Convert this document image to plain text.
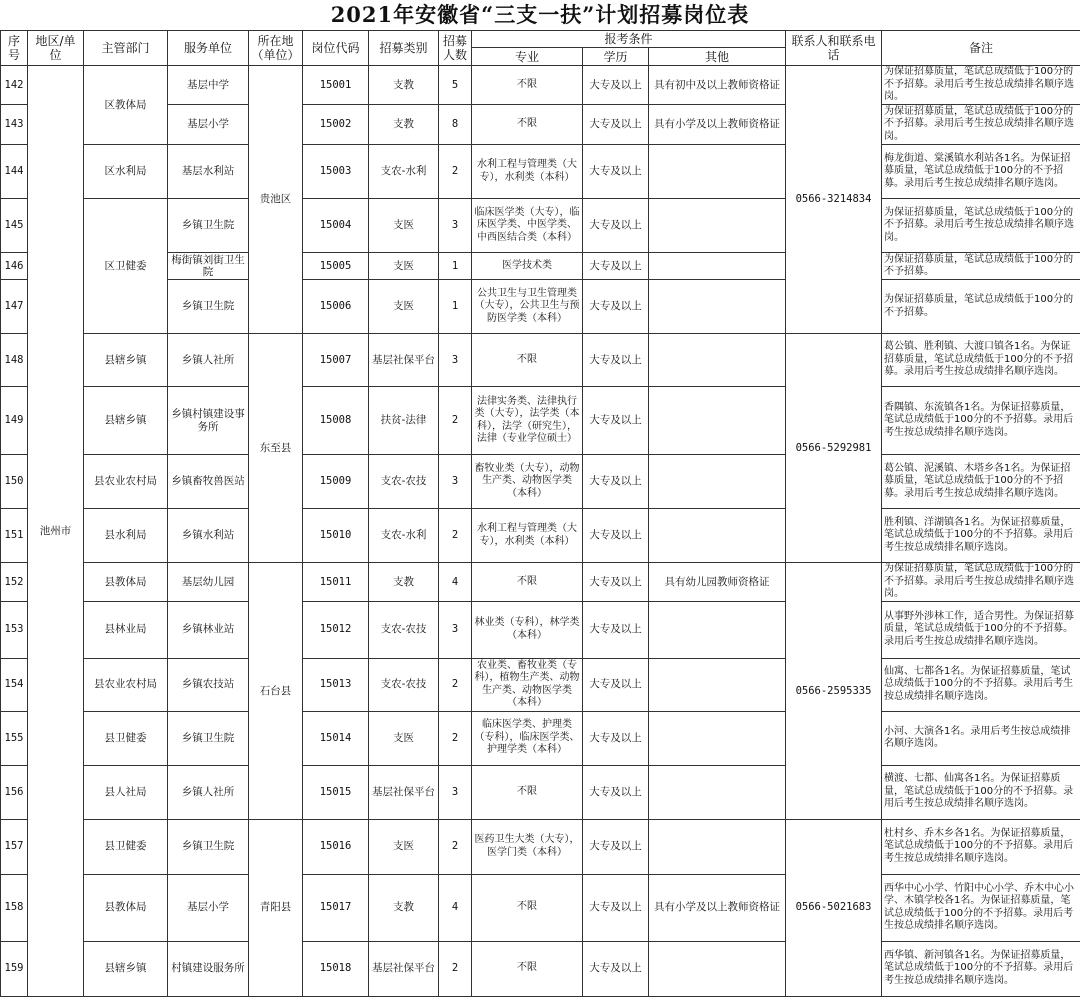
2021年安徽省“三支一扶”计划招募岗位表
序号	地区/单位	主管部门	服务单位	所在地（单位）	岗位代码	招募类别	招募人数	报考条件			联系人和联系电话	备注
								专业	学历	其他		
142	池州市	区教体局	基层中学	贵池区	15001	支教	5	不限	大专及以上	具有初中及以上教师资格证	0566-3214834	为保证招募质量，笔试总成绩低于100分的不予招募。录用后考生按总成绩排名顺序选岗。
143			基层小学		15002	支教	8	不限	大专及以上	具有小学及以上教师资格证		为保证招募质量，笔试总成绩低于100分的不予招募。录用后考生按总成绩排名顺序选岗。
144		区水利局	基层水利站		15003	支农-水利	2	水利工程与管理类（大专），水利类（本科）	大专及以上			梅龙街道、棠溪镇水利站各1名。为保证招募质量，笔试总成绩低于100分的不予招募。录用后考生按总成绩排名顺序选岗。
145		区卫健委	乡镇卫生院		15004	支医	3	临床医学类（大专），临床医学类、中医学类、中西医结合类（本科）	大专及以上			为保证招募质量，笔试总成绩低于100分的不予招募。录用后考生按总成绩排名顺序选岗。
146			梅街镇刘街卫生院		15005	支医	1	医学技术类	大专及以上			为保证招募质量，笔试总成绩低于100分的不予招募。
147			乡镇卫生院		15006	支医	1	公共卫生与卫生管理类（大专），公共卫生与预防医学类（本科）	大专及以上			为保证招募质量，笔试总成绩低于100分的不予招募。
148		县辖乡镇	乡镇人社所	东至县	15007	基层社保平台	3	不限	大专及以上		0566-5292981	葛公镇、胜利镇、大渡口镇各1名。为保证招募质量，笔试总成绩低于100分的不予招募。录用后考生按总成绩排名顺序选岗。
149		县辖乡镇	乡镇村镇建设事务所		15008	扶贫-法律	2	法律实务类、法律执行类（大专），法学类（本科），法学（研究生），法律（专业学位硕士）	大专及以上			香隅镇、东流镇各1名。为保证招募质量，笔试总成绩低于100分的不予招募。录用后考生按总成绩排名顺序选岗。
150		县农业农村局	乡镇畜牧兽医站		15009	支农-农技	3	畜牧业类（大专），动物生产类、动物医学类（本科）	大专及以上			葛公镇、泥溪镇、木塔乡各1名。为保证招募质量，笔试总成绩低于100分的不予招募。录用后考生按总成绩排名顺序选岗。
151		县水利局	乡镇水利站		15010	支农-水利	2	水利工程与管理类（大专），水利类（本科）	大专及以上			胜利镇、洋湖镇各1名。为保证招募质量，笔试总成绩低于100分的不予招募。录用后考生按总成绩排名顺序选岗。
152		县教体局	基层幼儿园	石台县	15011	支教	4	不限	大专及以上	具有幼儿园教师资格证	0566-2595335	为保证招募质量，笔试总成绩低于100分的不予招募。录用后考生按总成绩排名顺序选岗。
153		县林业局	乡镇林业站		15012	支农-农技	3	林业类（专科），林学类（本科）	大专及以上			从事野外涉林工作，适合男性。为保证招募质量，笔试总成绩低于100分的不予招募。录用后考生按总成绩排名顺序选岗。
154		县农业农村局	乡镇农技站		15013	支农-农技	2	农业类、畜牧业类（专科），植物生产类、动物生产类、动物医学类（本科）	大专及以上			仙寓、七都各1名。为保证招募质量，笔试总成绩低于100分的不予招募。录用后考生按总成绩排名顺序选岗。
155		县卫健委	乡镇卫生院		15014	支医	2	临床医学类、护理类（专科），临床医学类、护理学类（本科）	大专及以上			小河、大演各1名。录用后考生按总成绩排名顺序选岗。
156		县人社局	乡镇人社所		15015	基层社保平台	3	不限	大专及以上			横渡、七都、仙寓各1名。为保证招募质量，笔试总成绩低于100分的不予招募。录用后考生按总成绩排名顺序选岗。
157		县卫健委	乡镇卫生院	青阳县	15016	支医	2	医药卫生大类（大专），医学门类（本科）	大专及以上		0566-5021683	杜村乡、乔木乡各1名。为保证招募质量，笔试总成绩低于100分的不予招募。录用后考生按总成绩排名顺序选岗。
158		县教体局	基层小学		15017	支教	4	不限	大专及以上	具有小学及以上教师资格证		西华中心小学、竹阳中心小学、乔木中心小学、木镇学校各1名。为保证招募质量，笔试总成绩低于100分的不予招募。录用后考生按总成绩排名顺序选岗。
159		县辖乡镇	村镇建设服务所		15018	基层社保平台	2	不限	大专及以上			西华镇、新河镇各1名。为保证招募质量，笔试总成绩低于100分的不予招募。录用后考生按总成绩排名顺序选岗。
